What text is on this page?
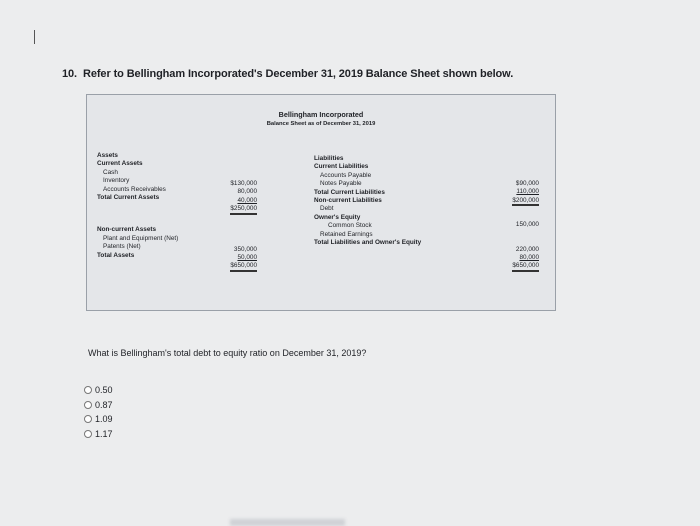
10. Refer to Bellingham Incorporated's December 31, 2019 Balance Sheet shown below.
Bellingham Incorporated
Balance Sheet as of December 31, 2019
Assets
Current Assets
Cash
Inventory
Accounts Receivables
Total Current Assets
Non-current Assets
Plant and Equipment (Net)
Patents (Net)
Total Assets
$130,000
80,000
40,000
$250,000
350,000
50,000
$650,000
Liabilities
Current Liabilities
Accounts Payable
Notes Payable
Total Current Liabilities
Non-current Liabilities
Debt
Owner's Equity
Common Stock
Retained Earnings
Total Liabilities and Owner's Equity
$90,000
110,000
$200,000
150,000
220,000
80,000
$650,000
What is Bellingham's total debt to equity ratio on December 31, 2019?
0.50
0.87
1.09
1.17
